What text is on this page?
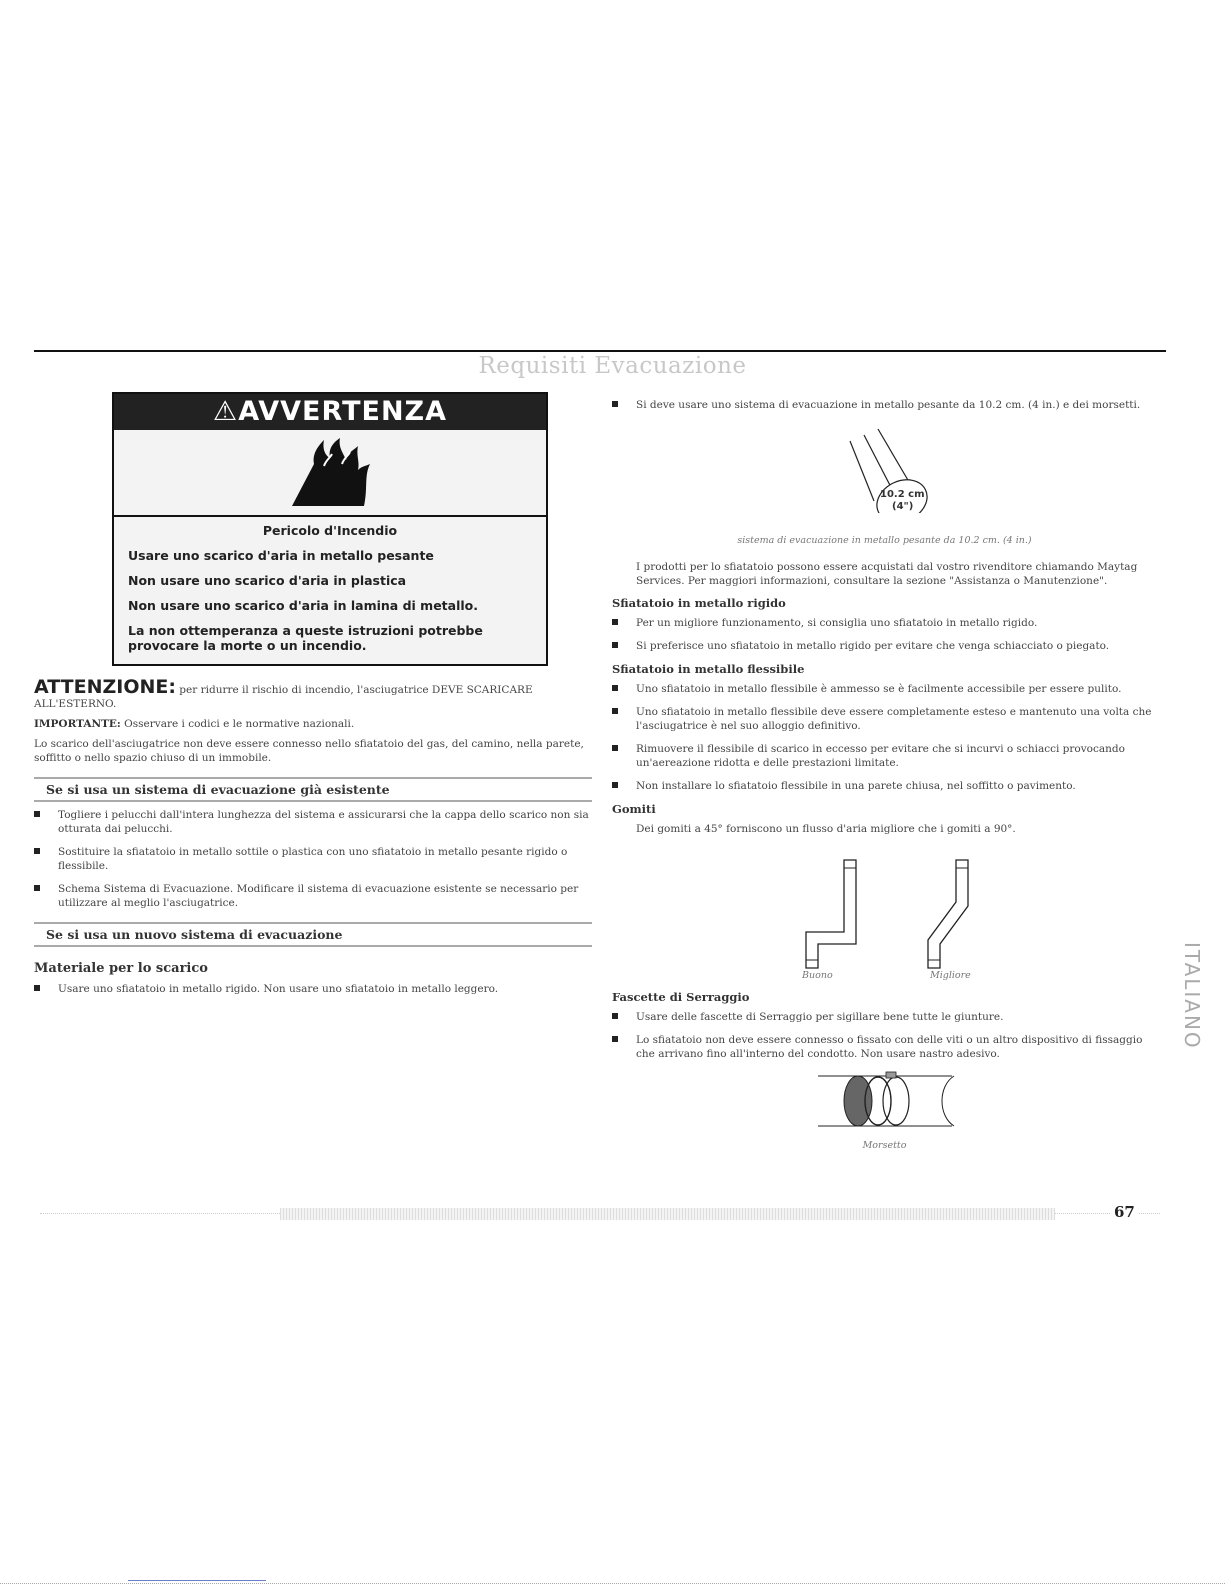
Requisiti Evacuazione
⚠AVVERTENZA
Pericolo d'Incendio
Usare uno scarico d'aria in metallo pesante
Non usare uno scarico d'aria in plastica
Non usare uno scarico d'aria in lamina di metallo.
La non ottemperanza a queste istruzioni potrebbe provocare la morte o un incendio.
ATTENZIONE: per ridurre il rischio di incendio, l'asciugatrice DEVE SCARICARE ALL'ESTERNO.

IMPORTANTE: Osservare i codici e le normative nazionali.

Lo scarico dell'asciugatrice non deve essere connesso nello sfiatatoio del gas, del camino, nella parete, soffitto o nello spazio chiuso di un immobile.

Se si usa un sistema di evacuazione già esistente
Togliere i pelucchi dall'intera lunghezza del sistema e assicurarsi che la cappa dello scarico non sia otturata dai pelucchi.
Sostituire la sfiatatoio in metallo sottile o plastica con uno sfiatatoio in metallo pesante rigido o flessibile.
Schema Sistema di Evacuazione. Modificare il sistema di evacuazione esistente se necessario per utilizzare al meglio l'asciugatrice.
Se si usa un nuovo sistema di evacuazione
Materiale per lo scarico
Usare uno sfiatatoio in metallo rigido. Non usare uno sfiatatoio in metallo leggero.
Si deve usare uno sistema di evacuazione in metallo pesante da 10.2 cm. (4 in.) e dei morsetti.
10.2 cm
(4")
sistema di evacuazione in metallo pesante da 10.2 cm. (4 in.)

I prodotti per lo sfiatatoio possono essere acquistati dal vostro rivenditore chiamando Maytag Services. Per maggiori informazioni, consultare la sezione "Assistanza o Manutenzione".

Sfiatatoio in metallo rigido
Per un migliore funzionamento, si consiglia uno sfiatatoio in metallo rigido.
Si preferisce uno sfiatatoio in metallo rigido per evitare che venga schiacciato o piegato.
Sfiatatoio in metallo flessibile
Uno sfiatatoio in metallo flessibile è ammesso se è facilmente accessibile per essere pulito.
Uno sfiatatoio in metallo flessibile deve essere completamente esteso e mantenuto una volta che l'asciugatrice è nel suo alloggio definitivo.
Rimuovere il flessibile di scarico in eccesso per evitare che si incurvi o schiacci provocando un'aereazione ridotta e delle prestazioni limitate.
Non installare lo sfiatatoio flessibile in una parete chiusa, nel soffitto o pavimento.
Gomiti

Dei gomiti a 45° forniscono un flusso d'aria migliore che i gomiti a 90°.

Buono	Migliore
Fascette di Serraggio
Usare delle fascette di Serraggio per sigillare bene tutte le giunture.
Lo sfiatatoio non deve essere connesso o fissato con delle viti o un altro dispositivo di fissaggio che arrivano fino all'interno del condotto. Non usare nastro adesivo.
Morsetto
ITALIANO
67
